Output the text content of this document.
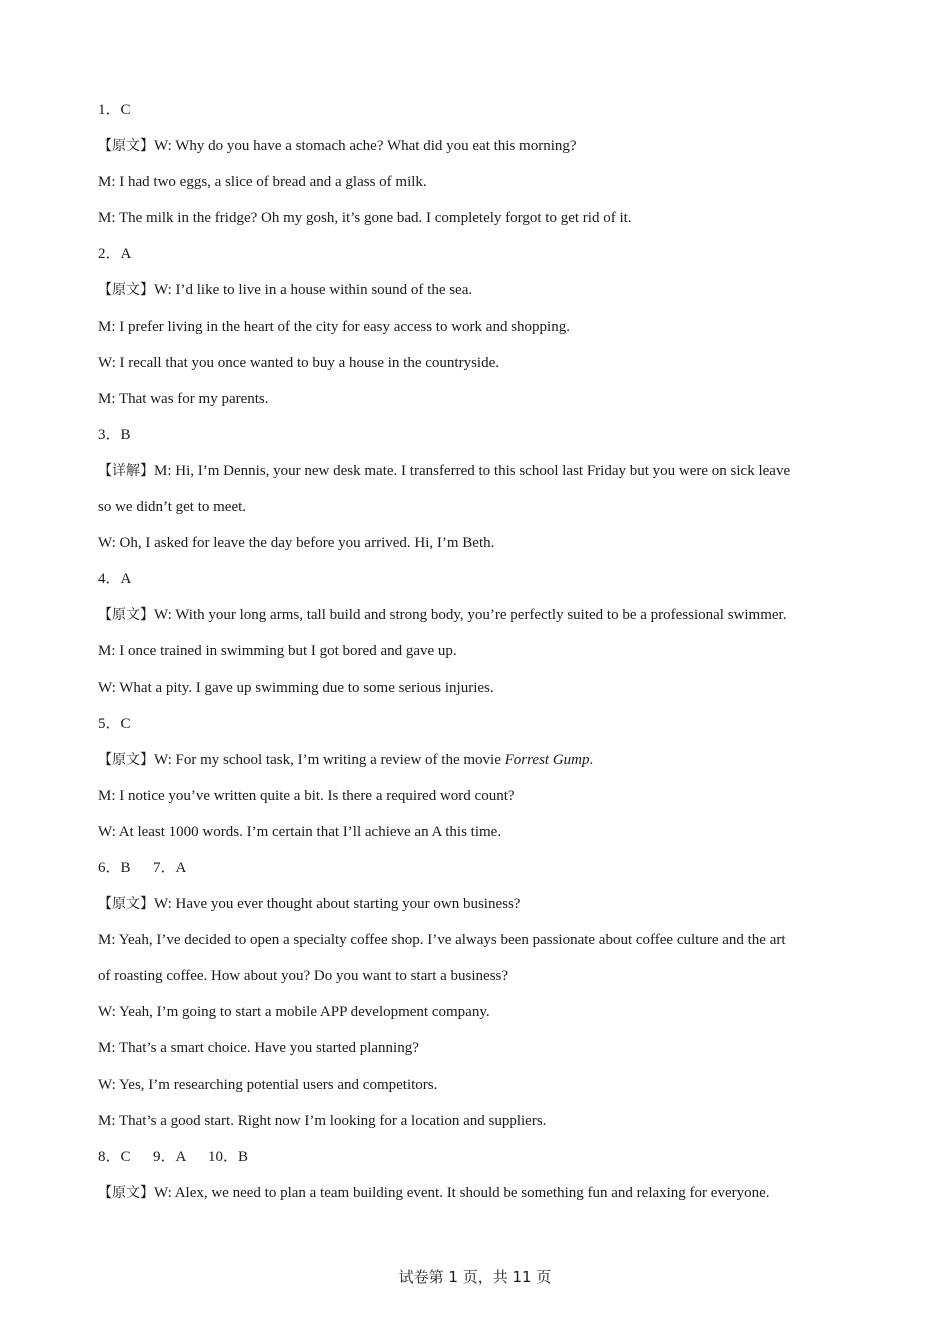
1．C
【原文】W: Why do you have a stomach ache? What did you eat this morning?
M: I had two eggs, a slice of bread and a glass of milk.
M: The milk in the fridge? Oh my gosh, it’s gone bad. I completely forgot to get rid of it.
2．A
【原文】W: I’d like to live in a house within sound of the sea.
M: I prefer living in the heart of the city for easy access to work and shopping.
W: I recall that you once wanted to buy a house in the countryside.
M: That was for my parents.
3．B
【详解】M: Hi, I’m Dennis, your new desk mate. I transferred to this school last Friday but you were on sick leave
so we didn’t get to meet.
W: Oh, I asked for leave the day before you arrived. Hi, I’m Beth.
4．A
【原文】W: With your long arms, tall build and strong body, you’re perfectly suited to be a professional swimmer.
M: I once trained in swimming but I got bored and gave up.
W: What a pity. I gave up swimming due to some serious injuries.
5．C
【原文】W: For my school task, I’m writing a review of the movie Forrest Gump.
M: I notice you’ve written quite a bit. Is there a required word count?
W: At least 1000 words. I’m certain that I’ll achieve an A this time.
6．B      7．A
【原文】W: Have you ever thought about starting your own business?
M: Yeah, I’ve decided to open a specialty coffee shop. I’ve always been passionate about coffee culture and the art
of roasting coffee. How about you? Do you want to start a business?
W: Yeah, I’m going to start a mobile APP development company.
M: That’s a smart choice. Have you started planning?
W: Yes, I’m researching potential users and competitors.
M: That’s a good start. Right now I’m looking for a location and suppliers.
8．C      9．A      10．B
【原文】W: Alex, we need to plan a team building event. It should be something fun and relaxing for everyone.
试卷第 1 页，共 11 页
